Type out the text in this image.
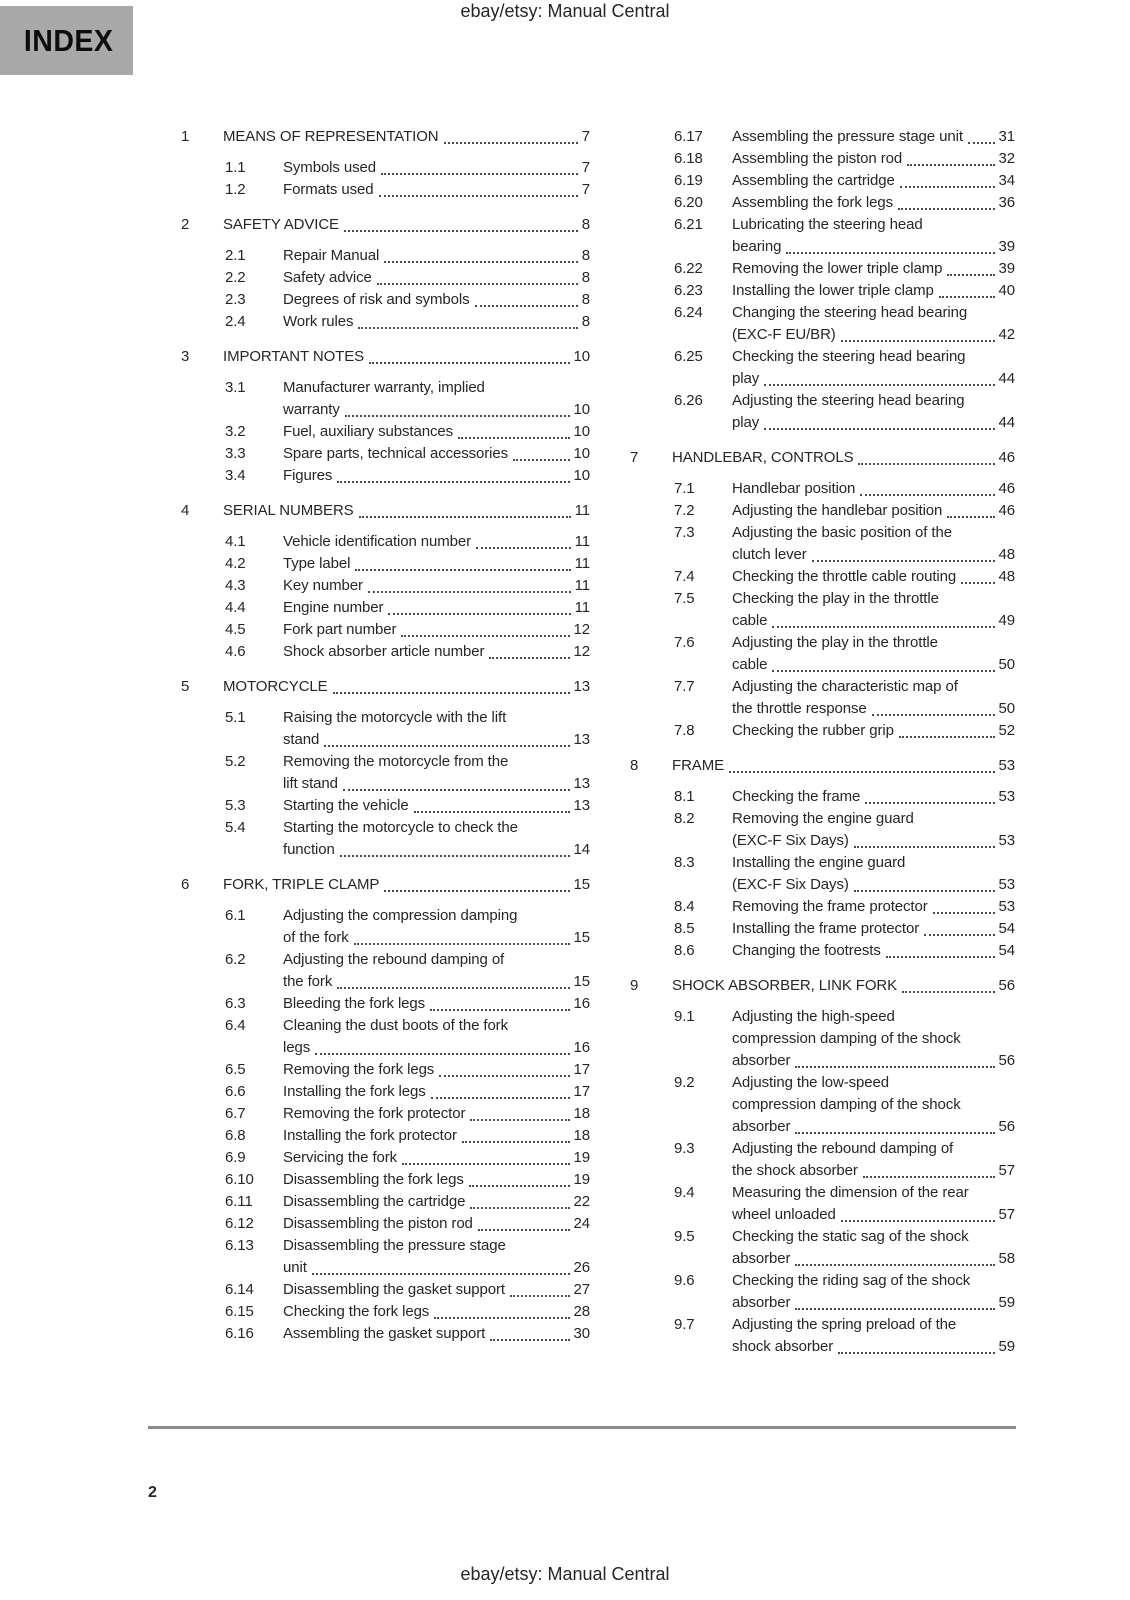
ebay/etsy: Manual Central
INDEX
1	MEANS OF REPRESENTATION	7
1.1	Symbols used	7
1.2	Formats used	7
2	SAFETY ADVICE	8
2.1	Repair Manual	8
2.2	Safety advice	8
2.3	Degrees of risk and symbols	8
2.4	Work rules	8
3	IMPORTANT NOTES	10
3.1	Manufacturer warranty, implied
warranty	10
3.2	Fuel, auxiliary substances	10
3.3	Spare parts, technical accessories	10
3.4	Figures	10
4	SERIAL NUMBERS	11
4.1	Vehicle identification number	11
4.2	Type label	11
4.3	Key number	11
4.4	Engine number	11
4.5	Fork part number	12
4.6	Shock absorber article number	12
5	MOTORCYCLE	13
5.1	Raising the motorcycle with the lift
stand	13
5.2	Removing the motorcycle from the
lift stand	13
5.3	Starting the vehicle	13
5.4	Starting the motorcycle to check the
function	14
6	FORK, TRIPLE CLAMP	15
6.1	Adjusting the compression damping
of the fork	15
6.2	Adjusting the rebound damping of
the fork	15
6.3	Bleeding the fork legs	16
6.4	Cleaning the dust boots of the fork
legs	16
6.5	Removing the fork legs	17
6.6	Installing the fork legs	17
6.7	Removing the fork protector	18
6.8	Installing the fork protector	18
6.9	Servicing the fork	19
6.10	Disassembling the fork legs	19
6.11	Disassembling the cartridge	22
6.12	Disassembling the piston rod	24
6.13	Disassembling the pressure stage
unit	26
6.14	Disassembling the gasket support	27
6.15	Checking the fork legs	28
6.16	Assembling the gasket support	30
6.17	Assembling the pressure stage unit 31
6.18	Assembling the piston rod	32
6.19	Assembling the cartridge	34
6.20	Assembling the fork legs	36
6.21	Lubricating the steering head
bearing	39
6.22	Removing the lower triple clamp	39
6.23	Installing the lower triple clamp	40
6.24	Changing the steering head bearing
(EXC-F EU/BR)	42
6.25	Checking the steering head bearing
play	44
6.26	Adjusting the steering head bearing
play	44
7	HANDLEBAR, CONTROLS	46
7.1	Handlebar position	46
7.2	Adjusting the handlebar position	46
7.3	Adjusting the basic position of the
clutch lever	48
7.4	Checking the throttle cable routing	48
7.5	Checking the play in the throttle
cable	49
7.6	Adjusting the play in the throttle
cable	50
7.7	Adjusting the characteristic map of
the throttle response	50
7.8	Checking the rubber grip	52
8	FRAME	53
8.1	Checking the frame	53
8.2	Removing the engine guard
(EXC-F Six Days)	53
8.3	Installing the engine guard
(EXC-F Six Days)	53
8.4	Removing the frame protector	53
8.5	Installing the frame protector	54
8.6	Changing the footrests	54
9	SHOCK ABSORBER, LINK FORK	56
9.1	Adjusting the high-speed
compression damping of the shock
absorber	56
9.2	Adjusting the low-speed
compression damping of the shock
absorber	56
9.3	Adjusting the rebound damping of
the shock absorber	57
9.4	Measuring the dimension of the rear
wheel unloaded	57
9.5	Checking the static sag of the shock
absorber	58
9.6	Checking the riding sag of the shock
absorber	59
9.7	Adjusting the spring preload of the
shock absorber	59
2
ebay/etsy: Manual Central
